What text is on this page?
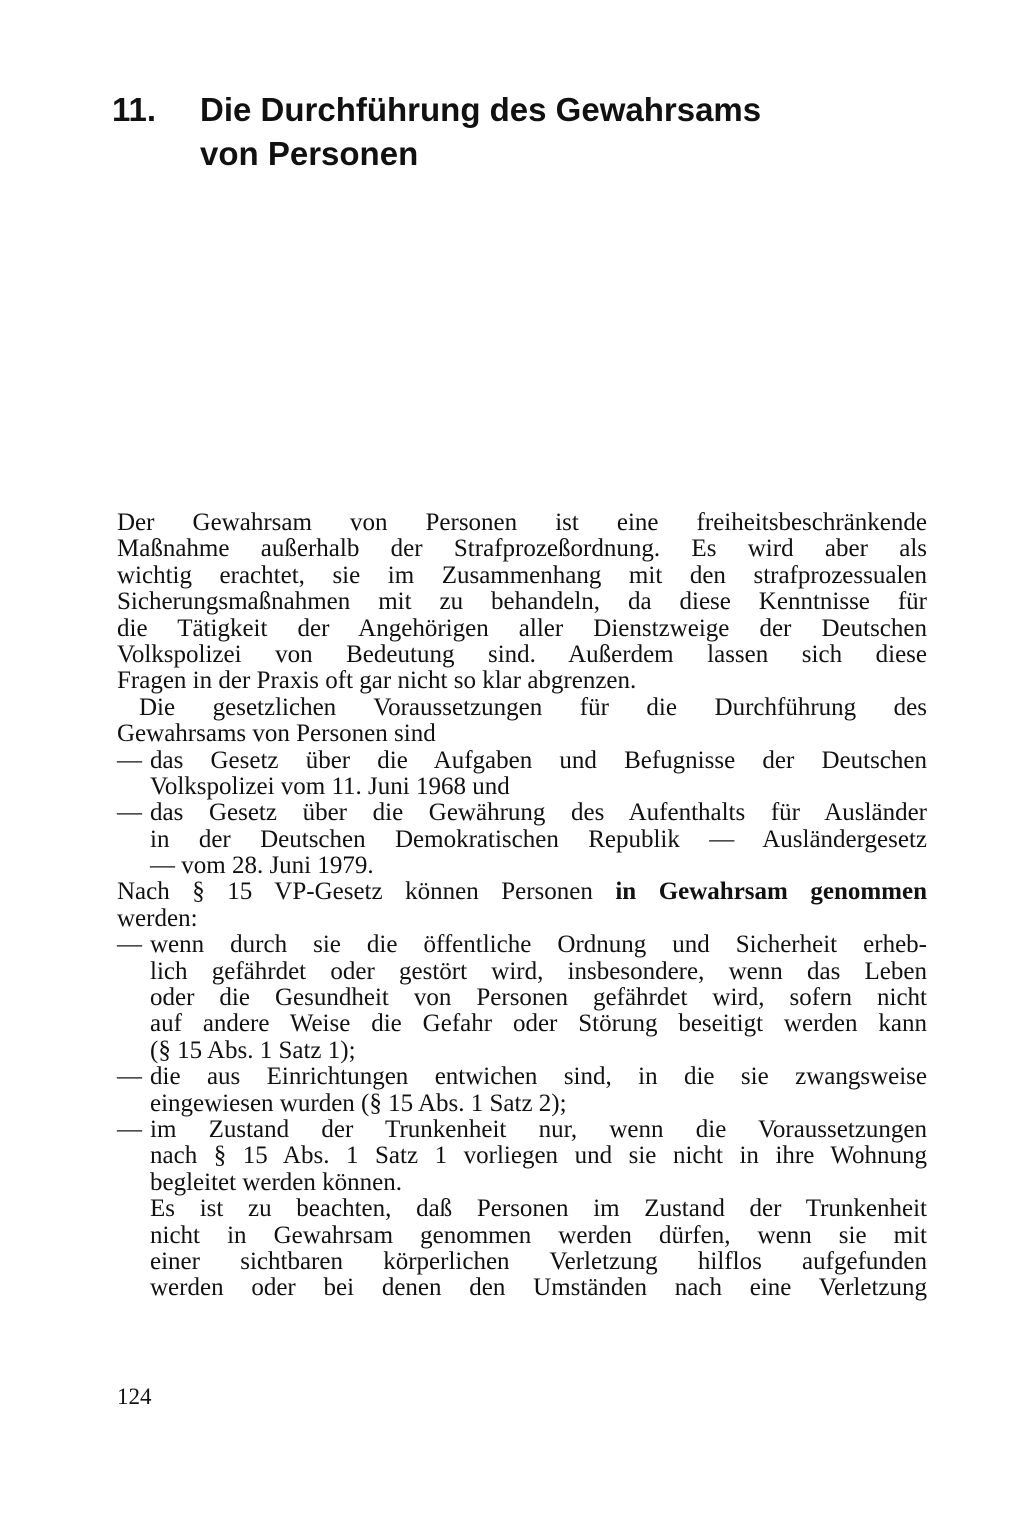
11. Die Durchführung des Gewahrsams
von Personen
Der Gewahrsam von Personen ist eine freiheitsbeschränkende
Maßnahme außerhalb der Strafprozeßordnung. Es wird aber als
wichtig erachtet, sie im Zusammenhang mit den strafprozessualen
Sicherungsmaßnahmen mit zu behandeln, da diese Kenntnisse für
die Tätigkeit der Angehörigen aller Dienstzweige der Deutschen
Volkspolizei von Bedeutung sind. Außerdem lassen sich diese
Fragen in der Praxis oft gar nicht so klar abgrenzen.
Die gesetzlichen Voraussetzungen für die Durchführung des
Gewahrsams von Personen sind
— das Gesetz über die Aufgaben und Befugnisse der Deutschen
Volkspolizei vom 11. Juni 1968 und
— das Gesetz über die Gewährung des Aufenthalts für Ausländer
in der Deutschen Demokratischen Republik — Ausländergesetz
— vom 28. Juni 1979.
Nach § 15 VP-Gesetz können Personen in Gewahrsam genommen
werden:
— wenn durch sie die öffentliche Ordnung und Sicherheit erheb-
lich gefährdet oder gestört wird, insbesondere, wenn das Leben
oder die Gesundheit von Personen gefährdet wird, sofern nicht
auf andere Weise die Gefahr oder Störung beseitigt werden kann
(§ 15 Abs. 1 Satz 1);
— die aus Einrichtungen entwichen sind, in die sie zwangsweise
eingewiesen wurden (§ 15 Abs. 1 Satz 2);
— im Zustand der Trunkenheit nur, wenn die Voraussetzungen
nach § 15 Abs. 1 Satz 1 vorliegen und sie nicht in ihre Wohnung
begleitet werden können.
Es ist zu beachten, daß Personen im Zustand der Trunkenheit
nicht in Gewahrsam genommen werden dürfen, wenn sie mit
einer sichtbaren körperlichen Verletzung hilflos aufgefunden
werden oder bei denen den Umständen nach eine Verletzung
124
